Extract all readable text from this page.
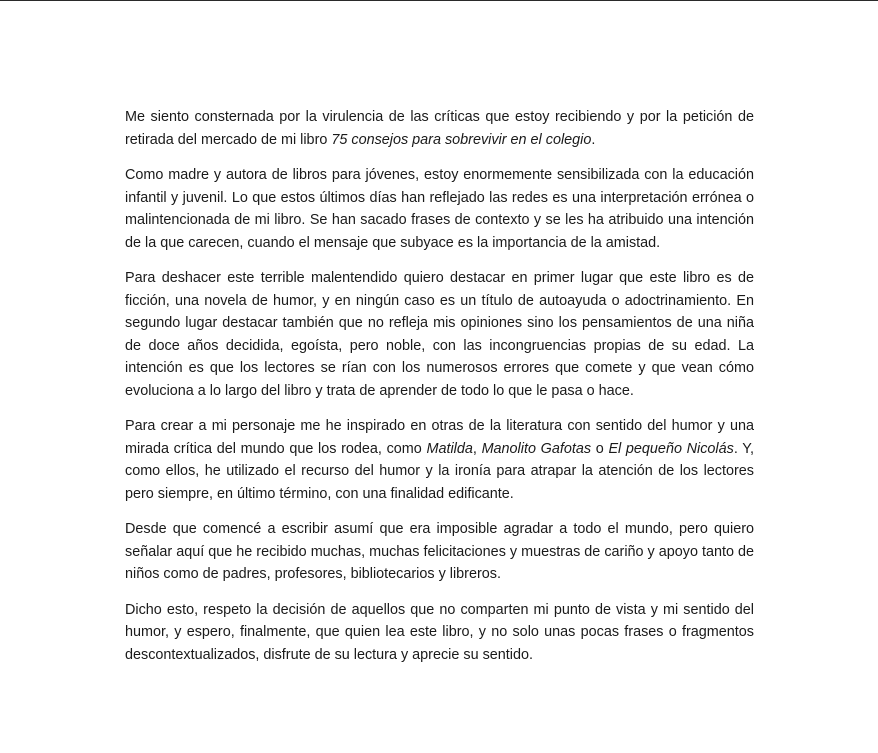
Me siento consternada por la virulencia de las críticas que estoy recibiendo y por la petición de retirada del mercado de mi libro 75 consejos para sobrevivir en el colegio.

Como madre y autora de libros para jóvenes, estoy enormemente sensibilizada con la educación infantil y juvenil. Lo que estos últimos días han reflejado las redes es una interpretación errónea o malintencionada de mi libro. Se han sacado frases de contexto y se les ha atribuido una intención de la que carecen, cuando el mensaje que subyace es la importancia de la amistad.

Para deshacer este terrible malentendido quiero destacar en primer lugar que este libro es de ficción, una novela de humor, y en ningún caso es un título de autoayuda o adoctrinamiento. En segundo lugar destacar también que no refleja mis opiniones sino los pensamientos de una niña de doce años decidida, egoísta, pero noble, con las incongruencias propias de su edad. La intención es que los lectores se rían con los numerosos errores que comete y que vean cómo evoluciona a lo largo del libro y trata de aprender de todo lo que le pasa o hace.

Para crear a mi personaje me he inspirado en otras de la literatura con sentido del humor y una mirada crítica del mundo que los rodea, como Matilda, Manolito Gafotas o El pequeño Nicolás. Y, como ellos, he utilizado el recurso del humor y la ironía para atrapar la atención de los lectores pero siempre, en último término, con una finalidad edificante.

Desde que comencé a escribir asumí que era imposible agradar a todo el mundo, pero quiero señalar aquí que he recibido muchas, muchas felicitaciones y muestras de cariño y apoyo tanto de niños como de padres, profesores, bibliotecarios y libreros.

Dicho esto, respeto la decisión de aquellos que no comparten mi punto de vista y mi sentido del humor, y espero, finalmente, que quien lea este libro, y no solo unas pocas frases o fragmentos descontextualizados, disfrute de su lectura y aprecie su sentido.
